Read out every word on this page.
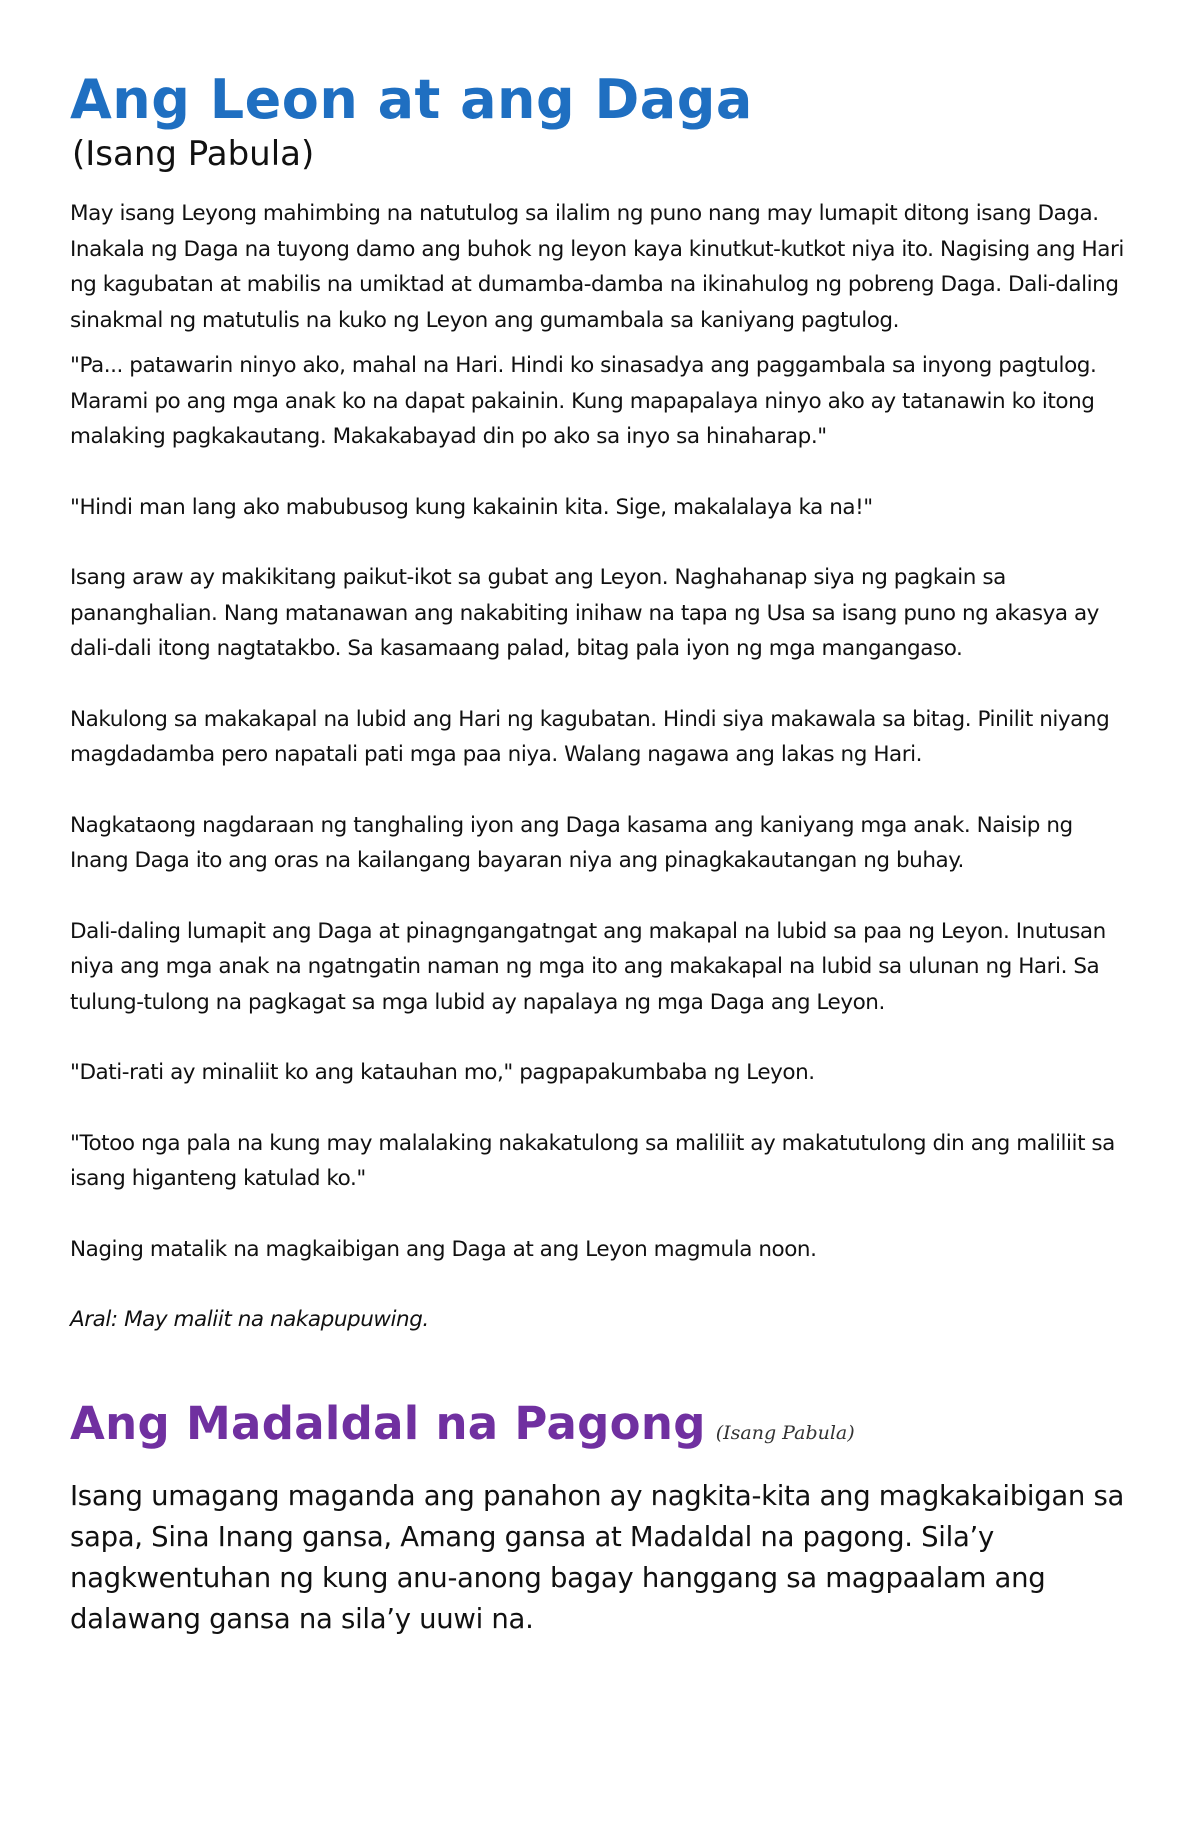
Ang Leon at ang Daga
(Isang Pabula)

May isang Leyong mahimbing na natutulog sa ilalim ng puno nang may lumapit ditong isang Daga. Inakala ng Daga na tuyong damo ang buhok ng leyon kaya kinutkut-kutkot niya ito. Nagising ang Hari ng kagubatan at mabilis na umiktad at dumamba-damba na ikinahulog ng pobreng Daga. Dali-daling sinakmal ng matutulis na kuko ng Leyon ang gumambala sa kaniyang pagtulog.

"Pa... patawarin ninyo ako, mahal na Hari. Hindi ko sinasadya ang paggambala sa inyong pagtulog. Marami po ang mga anak ko na dapat pakainin. Kung mapapalaya ninyo ako ay tatanawin ko itong malaking pagkakautang. Makakabayad din po ako sa inyo sa hinaharap."

"Hindi man lang ako mabubusog kung kakainin kita. Sige, makalalaya ka na!"

Isang araw ay makikitang paikut-ikot sa gubat ang Leyon. Naghahanap siya ng pagkain sa pananghalian. Nang matanawan ang nakabiting inihaw na tapa ng Usa sa isang puno ng akasya ay dali-dali itong nagtatakbo. Sa kasamaang palad, bitag pala iyon ng mga mangangaso.

Nakulong sa makakapal na lubid ang Hari ng kagubatan. Hindi siya makawala sa bitag. Pinilit niyang magdadamba pero napatali pati mga paa niya. Walang nagawa ang lakas ng Hari.

Nagkataong nagdaraan ng tanghaling iyon ang Daga kasama ang kaniyang mga anak. Naisip ng Inang Daga ito ang oras na kailangang bayaran niya ang pinagkakautangan ng buhay.

Dali-daling lumapit ang Daga at pinagngangatngat ang makapal na lubid sa paa ng Leyon. Inutusan niya ang mga anak na ngatngatin naman ng mga ito ang makakapal na lubid sa ulunan ng Hari. Sa tulung-tulong na pagkagat sa mga lubid ay napalaya ng mga Daga ang Leyon.

"Dati-rati ay minaliit ko ang katauhan mo," pagpapakumbaba ng Leyon.

"Totoo nga pala na kung may malalaking nakakatulong sa maliliit ay makatutulong din ang maliliit sa isang higanteng katulad ko."

Naging matalik na magkaibigan ang Daga at ang Leyon magmula noon.

Aral: May maliit na nakapupuwing.

Ang Madaldal na Pagong (Isang Pabula)

Isang umagang maganda ang panahon ay nagkita-kita ang magkakaibigan sa sapa, Sina Inang gansa, Amang gansa at Madaldal na pagong. Sila’y nagkwentuhan ng kung anu-anong bagay hanggang sa magpaalam ang dalawang gansa na sila’y uuwi na.
